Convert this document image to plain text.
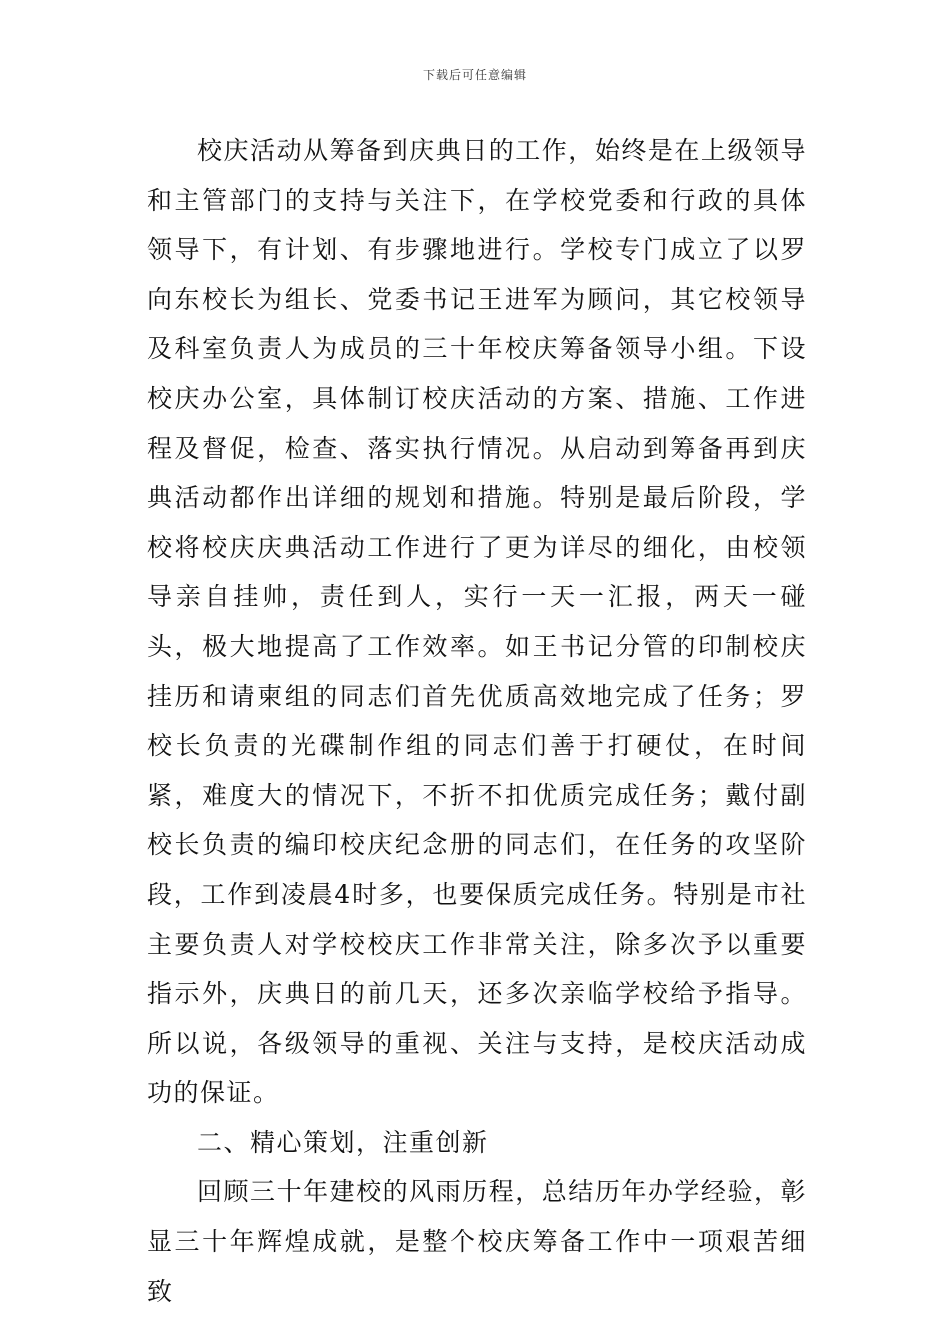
下载后可任意编辑

校庆活动从筹备到庆典日的工作，始终是在上级领导和主管部门的支持与关注下，在学校党委和行政的具体领导下，有计划、有步骤地进行。学校专门成立了以罗向东校长为组长、党委书记王进军为顾问，其它校领导及科室负责人为成员的三十年校庆筹备领导小组。下设校庆办公室，具体制订校庆活动的方案、措施、工作进程及督促，检查、落实执行情况。从启动到筹备再到庆典活动都作出详细的规划和措施。特别是最后阶段，学校将校庆庆典活动工作进行了更为详尽的细化，由校领导亲自挂帅，责任到人，实行一天一汇报，两天一碰头，极大地提高了工作效率。如王书记分管的印制校庆挂历和请柬组的同志们首先优质高效地完成了任务；罗校长负责的光碟制作组的同志们善于打硬仗，在时间紧，难度大的情况下，不折不扣优质完成任务；戴付副校长负责的编印校庆纪念册的同志们，在任务的攻坚阶段，工作到凌晨4时多，也要保质完成任务。特别是市社主要负责人对学校校庆工作非常关注，除多次予以重要指示外，庆典日的前几天，还多次亲临学校给予指导。所以说，各级领导的重视、关注与支持，是校庆活动成功的保证。

二、精心策划，注重创新

回顾三十年建校的风雨历程，总结历年办学经验，彰显三十年辉煌成就，是整个校庆筹备工作中一项艰苦细致
